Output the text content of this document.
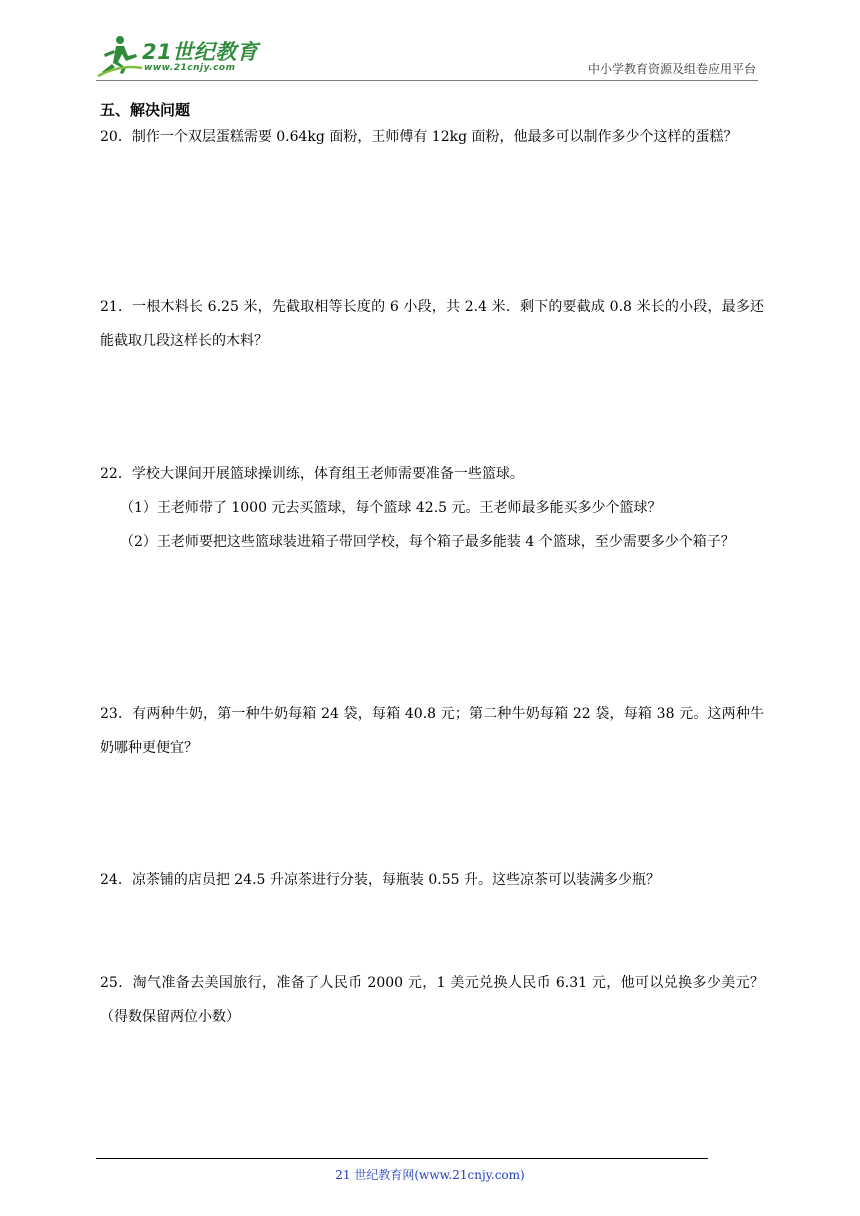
21世纪教育
www.21cnjy.com	中小学教育资源及组卷应用平台
五、解决问题
20．制作一个双层蛋糕需要 0.64kg 面粉，王师傅有 12kg 面粉，他最多可以制作多少个这样的蛋糕？
21．一根木料长 6.25 米，先截取相等长度的 6 小段，共 2.4 米．剩下的要截成 0.8 米长的小段，最多还能截取几段这样长的木料？
22．学校大课间开展篮球操训练，体育组王老师需要准备一些篮球。
（1）王老师带了 1000 元去买篮球，每个篮球 42.5 元。王老师最多能买多少个篮球？
（2）王老师要把这些篮球装进箱子带回学校，每个箱子最多能装 4 个篮球，至少需要多少个箱子？
23．有两种牛奶，第一种牛奶每箱 24 袋，每箱 40.8 元；第二种牛奶每箱 22 袋，每箱 38 元。这两种牛奶哪种更便宜？
24．凉茶铺的店员把 24.5 升凉茶进行分装，每瓶装 0.55 升。这些凉茶可以装满多少瓶？
25．淘气准备去美国旅行，准备了人民币 2000 元，1 美元兑换人民币 6.31 元，他可以兑换多少美元？（得数保留两位小数）
21 世纪教育网(www.21cnjy.com)
